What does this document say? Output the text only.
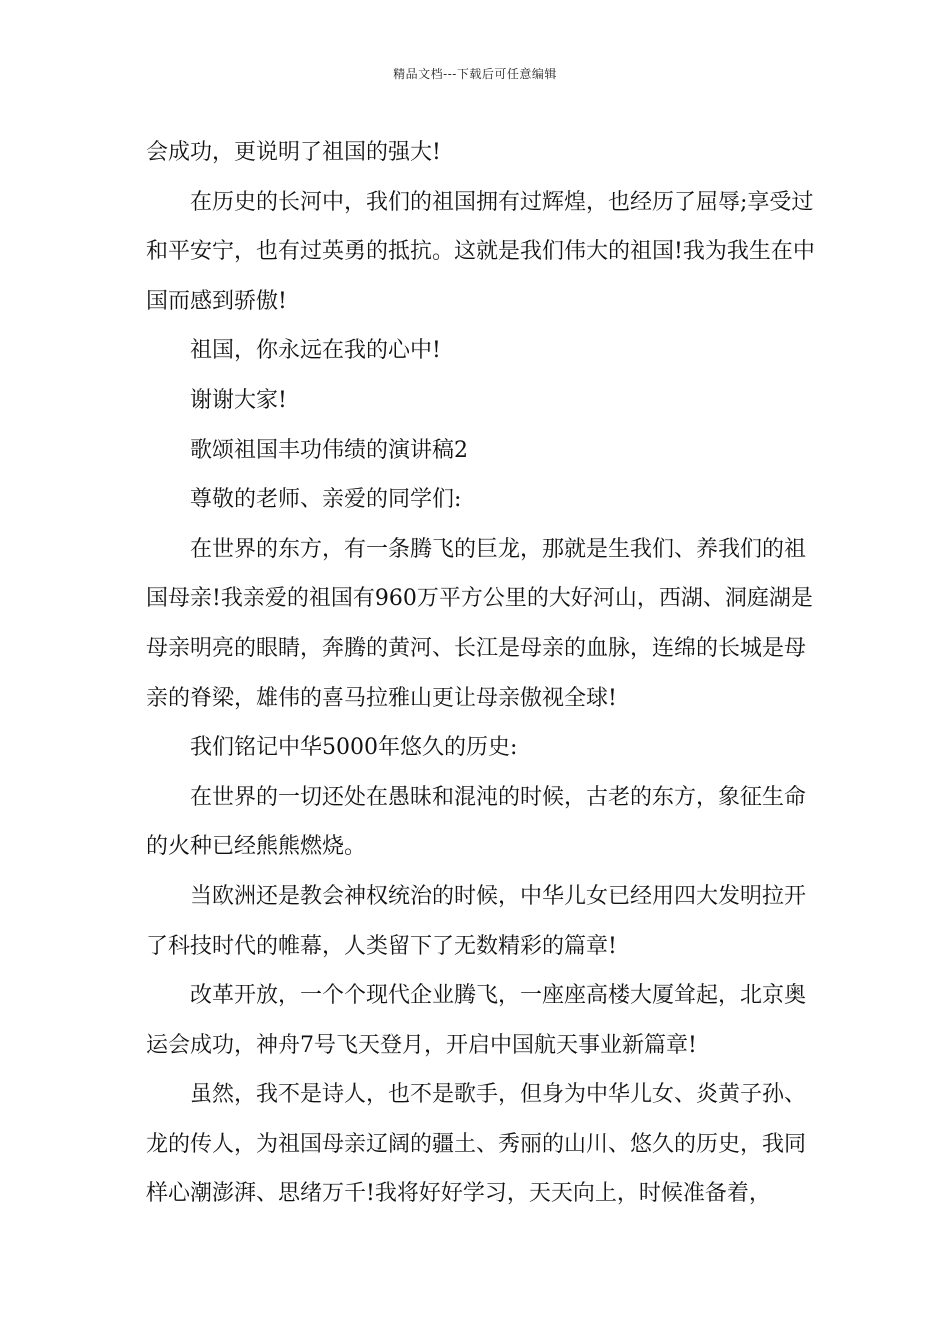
精品文档---下载后可任意编辑

会成功，更说明了祖国的强大!

在历史的长河中，我们的祖国拥有过辉煌，也经历了屈辱;享受过和平安宁，也有过英勇的抵抗。这就是我们伟大的祖国!我为我生在中国而感到骄傲!

祖国，你永远在我的心中!

谢谢大家!

歌颂祖国丰功伟绩的演讲稿2

尊敬的老师、亲爱的同学们:

在世界的东方，有一条腾飞的巨龙，那就是生我们、养我们的祖国母亲!我亲爱的祖国有960万平方公里的大好河山，西湖、洞庭湖是母亲明亮的眼睛，奔腾的黄河、长江是母亲的血脉，连绵的长城是母亲的脊梁，雄伟的喜马拉雅山更让母亲傲视全球!

我们铭记中华5000年悠久的历史:

在世界的一切还处在愚昧和混沌的时候，古老的东方，象征生命的火种已经熊熊燃烧。

当欧洲还是教会神权统治的时候，中华儿女已经用四大发明拉开了科技时代的帷幕，人类留下了无数精彩的篇章!

改革开放，一个个现代企业腾飞，一座座高楼大厦耸起，北京奥运会成功，神舟7号飞天登月，开启中国航天事业新篇章!

虽然，我不是诗人，也不是歌手，但身为中华儿女、炎黄子孙、龙的传人，为祖国母亲辽阔的疆土、秀丽的山川、悠久的历史，我同样心潮澎湃、思绪万千!我将好好学习，天天向上，时候准备着，
